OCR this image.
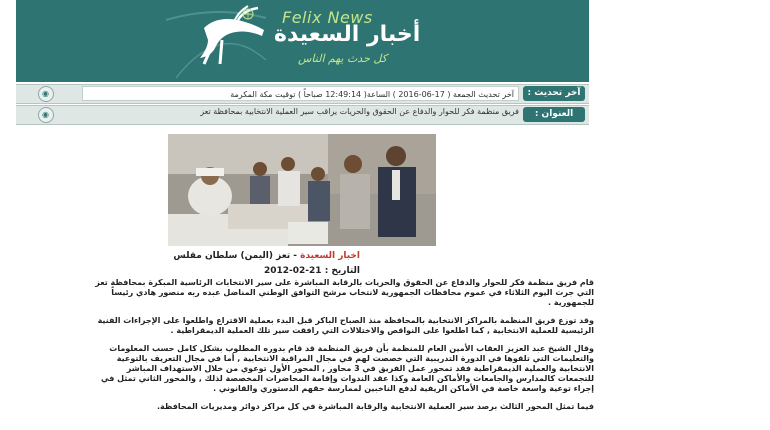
Felix News
أخبار السعيدة
كل حدث يهم الناس
آخر تحديث :
آخر تحديث الجمعة ( 17-06-2016 ) الساعة( 12:49:14 صباحاً ) توقيت مكة المكرمة
◉
العنوان :
فريق منظمة فكر للحوار والدفاع عن الحقوق والحريات يراقب سير العملية الانتخابية بمحافظة تعز
◉
اخبار السعيدة - تعز (اليمن) سلطان مقلس
التاريخ : 21-02-2012

قام فريق منظمة فكر للحوار والدفاع عن الحقوق والحريات بالرقابة المباشرة على سير الانتخابات الرئاسية المبكرة بمحافظة تعز التي جرت اليوم الثلاثاء في عموم محافظات الجمهورية لانتخاب مرشح التوافق الوطني المناضل عبده ربه منصور هادي رئيساً للجمهورية .

وقد توزع فريق المنظمة بالمراكز الانتخابية بالمحافظة منذ الصباح الباكر قبل البدء بعملية الاقتراع واطلعوا على الإجراءات الفنية الرئيسية للعملية الانتخابية , كما اطلعوا على النواقص والاختلالات التي رافقت سير تلك العملية الديمقراطية .

وقال الشيخ عبد العزيز العقاب الأمين العام للمنظمة بأن فريق المنظمة قد قام بدوره المطلوب بشكل كامل حسب المعلومات والتعليمات التي تلقوها في الدورة التدريبية التي خصصت لهم في مجال المراقبة الانتخابية , أما في مجال التعريف بالتوعية الانتخابية والعملية الديمقراطية فقد تمحور عمل الفريق في 3 محاور , المحور الأول توعوي من خلال الاستهداف المباشر للتجمعات كالمدارس والجامعات والأماكن العامة وكذا عقد الندوات وإقامة المحاضرات المخصصة لذلك , والمحور الثاني تمثل في إجراء توعية واسعة خاصة في الأماكن الريفية لدفع الناخبين لممارسة حقهم الدستوري والقانوني .

فيما تمثل المحور الثالث برصد سير العملية الانتخابية والرقابة المباشرة في كل مراكز دوائر ومديريات المحافظة.
